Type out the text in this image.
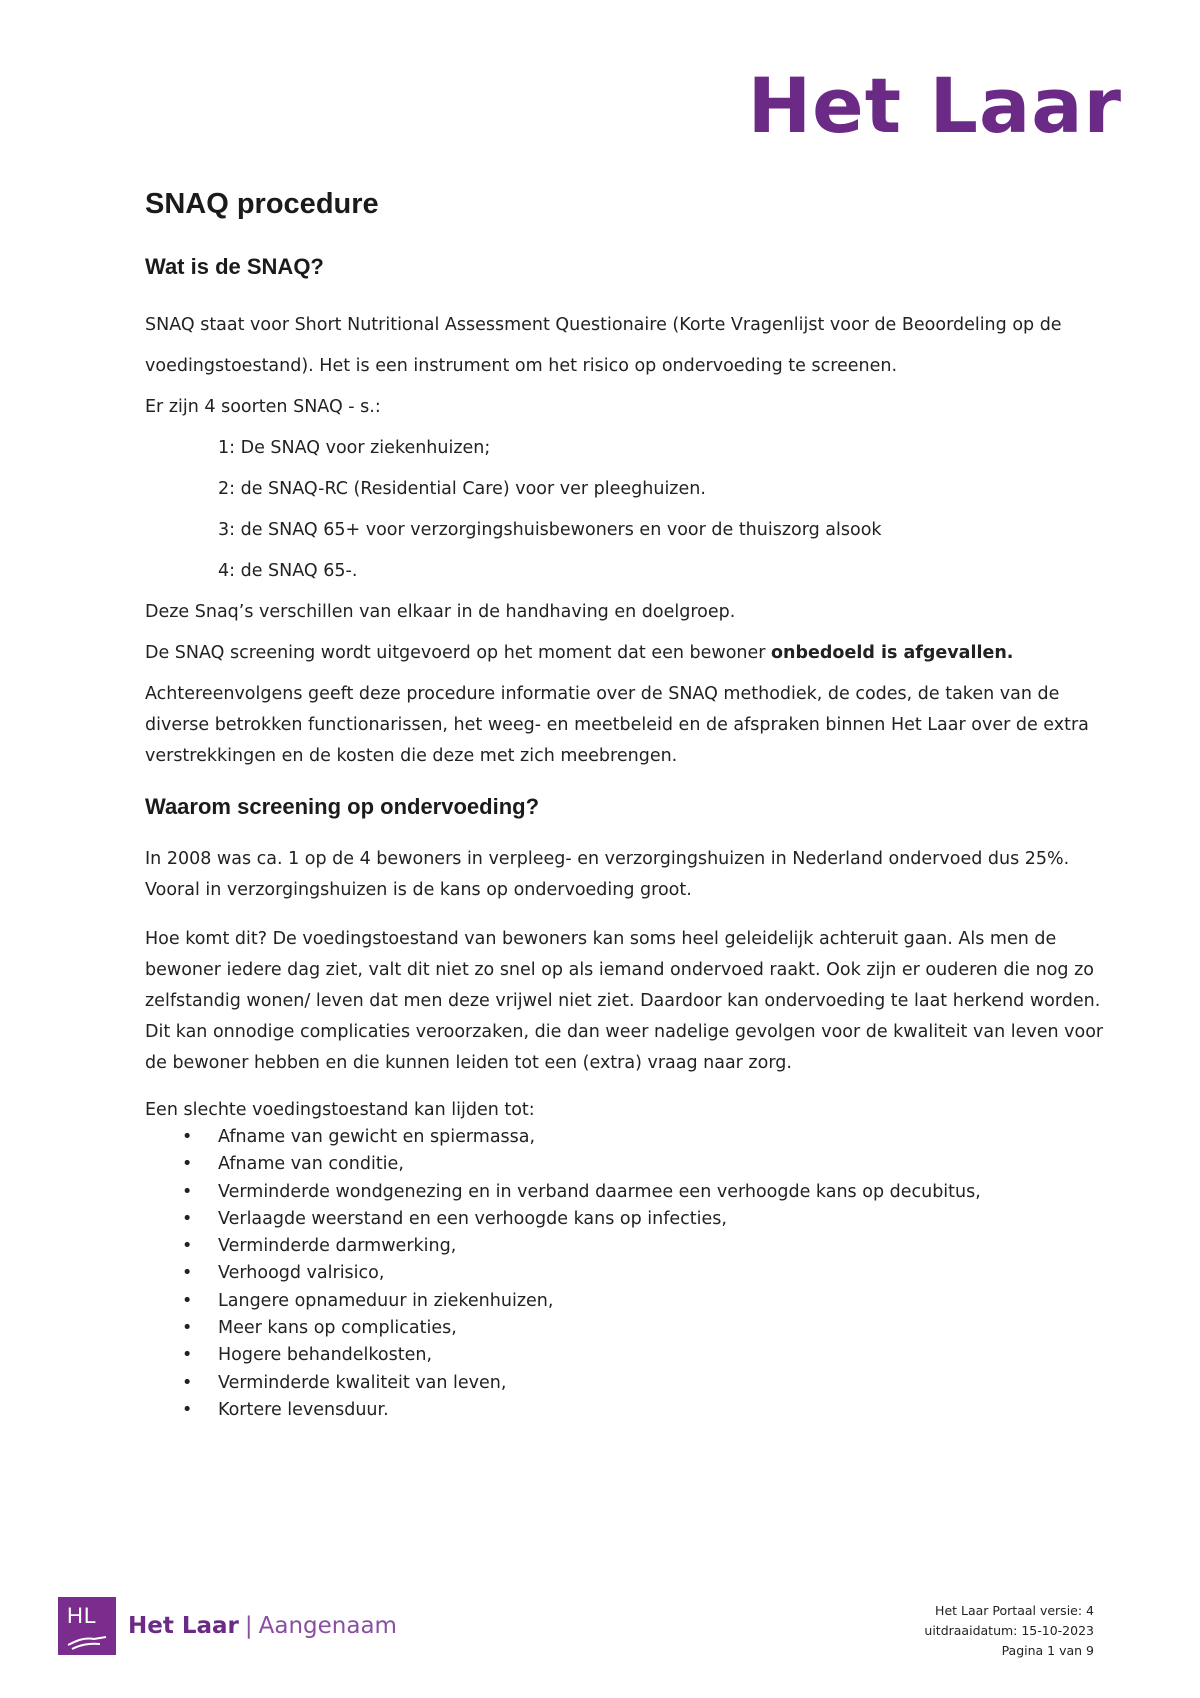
Het Laar
SNAQ procedure
Wat is de SNAQ?

SNAQ staat voor Short Nutritional Assessment Questionaire (Korte Vragenlijst voor de Beoordeling op de

voedingstoestand). Het is een instrument om het risico op ondervoeding te screenen.

Er zijn 4 soorten SNAQ - s.:

1: De SNAQ voor ziekenhuizen;

2: de SNAQ-RC (Residential Care) voor ver pleeghuizen.

3: de SNAQ 65+ voor verzorgingshuisbewoners en voor de thuiszorg alsook

4: de SNAQ 65-.

Deze Snaq’s verschillen van elkaar in de handhaving en doelgroep.

De SNAQ screening wordt uitgevoerd op het moment dat een bewoner onbedoeld is afgevallen.

Achtereenvolgens geeft deze procedure informatie over de SNAQ methodiek, de codes, de taken van de diverse betrokken functionarissen, het weeg- en meetbeleid en de afspraken binnen Het Laar over de extra verstrekkingen en de kosten die deze met zich meebrengen.

Waarom screening op ondervoeding?

In 2008 was ca. 1 op de 4 bewoners in verpleeg- en verzorgingshuizen in Nederland ondervoed dus 25%. Vooral in verzorgingshuizen is de kans op ondervoeding groot.

Hoe komt dit? De voedingstoestand van bewoners kan soms heel geleidelijk achteruit gaan. Als men de bewoner iedere dag ziet, valt dit niet zo snel op als iemand ondervoed raakt. Ook zijn er ouderen die nog zo zelfstandig wonen/ leven dat men deze vrijwel niet ziet. Daardoor kan ondervoeding te laat herkend worden. Dit kan onnodige complicaties veroorzaken, die dan weer nadelige gevolgen voor de kwaliteit van leven voor de bewoner hebben en die kunnen leiden tot een (extra) vraag naar zorg.

Een slechte voedingstoestand kan lijden tot:

• Afname van gewicht en spiermassa,
• Afname van conditie,
• Verminderde wondgenezing en in verband daarmee een verhoogde kans op decubitus,
• Verlaagde weerstand en een verhoogde kans op infecties,
• Verminderde darmwerking,
• Verhoogd valrisico,
• Langere opnameduur in ziekenhuizen,
• Meer kans op complicaties,
• Hogere behandelkosten,
• Verminderde kwaliteit van leven,
• Kortere levensduur.
HL Het Laar | Aangenaam
Het Laar Portaal versie: 4
uitdraaidatum: 15-10-2023
Pagina 1 van 9
